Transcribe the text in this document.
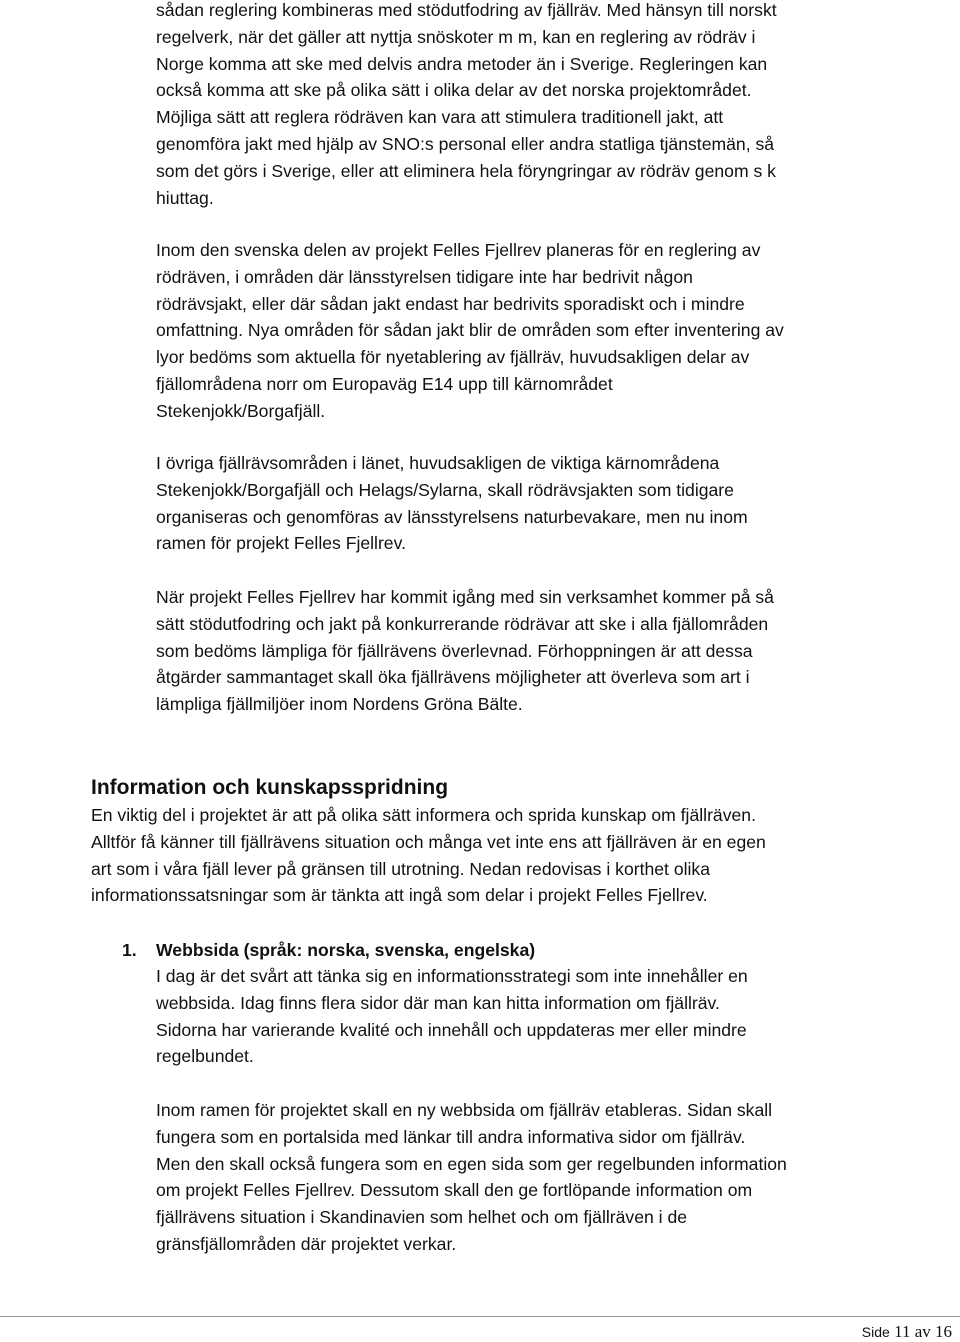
sådan reglering kombineras med stödutfodring av fjällräv. Med hänsyn till norskt
regelverk, när det gäller att nyttja snöskoter m m, kan en reglering av rödräv i
Norge komma att ske med delvis andra metoder än i Sverige. Regleringen kan
också komma att ske på olika sätt i olika delar av det norska projektområdet.
Möjliga sätt att reglera rödräven kan vara att stimulera traditionell jakt, att
genomföra jakt med hjälp av SNO:s personal eller andra statliga tjänstemän, så
som det görs i Sverige, eller att eliminera hela föryngringar av rödräv genom s k
hiuttag.
Inom den svenska delen av projekt Felles Fjellrev planeras för en reglering av
rödräven, i områden där länsstyrelsen tidigare inte har bedrivit någon
rödrävsjakt, eller där sådan jakt endast har bedrivits sporadiskt och i mindre
omfattning. Nya områden för sådan jakt blir de områden som efter inventering av
lyor bedöms som aktuella för nyetablering av fjällräv, huvudsakligen delar av
fjällområdena norr om Europaväg E14 upp till kärnområdet
Stekenjokk/Borgafjäll.
I övriga fjällrävsområden i länet, huvudsakligen de viktiga kärnområdena
Stekenjokk/Borgafjäll och Helags/Sylarna, skall rödrävsjakten som tidigare
organiseras och genomföras av länsstyrelsens naturbevakare, men nu inom
ramen för projekt Felles Fjellrev.
När projekt Felles Fjellrev har kommit igång med sin verksamhet kommer på så
sätt stödutfodring och jakt på konkurrerande rödrävar att ske i alla fjällområden
som bedöms lämpliga för fjällrävens överlevnad. Förhoppningen är att dessa
åtgärder sammantaget skall öka fjällrävens möjligheter att överleva som art i
lämpliga fjällmiljöer inom Nordens Gröna Bälte.
Information och kunskapsspridning
En viktig del i projektet är att på olika sätt informera och sprida kunskap om fjällräven.
Alltför få känner till fjällrävens situation och många vet inte ens att fjällräven är en egen
art som i våra fjäll lever på gränsen till utrotning. Nedan redovisas i korthet olika
informationssatsningar som är tänkta att ingå som delar i projekt Felles Fjellrev.
1. Webbsida (språk: norska, svenska, engelska)
I dag är det svårt att tänka sig en informationsstrategi som inte innehåller en
webbsida. Idag finns flera sidor där man kan hitta information om fjällräv.
Sidorna har varierande kvalité och innehåll och uppdateras mer eller mindre
regelbundet.
Inom ramen för projektet skall en ny webbsida om fjällräv etableras. Sidan skall
fungera som en portalsida med länkar till andra informativa sidor om fjällräv.
Men den skall också fungera som en egen sida som ger regelbunden information
om projekt Felles Fjellrev. Dessutom skall den ge fortlöpande information om
fjällrävens situation i Skandinavien som helhet och om fjällräven i de
gränsfjällområden där projektet verkar.
Side 11 av 16
